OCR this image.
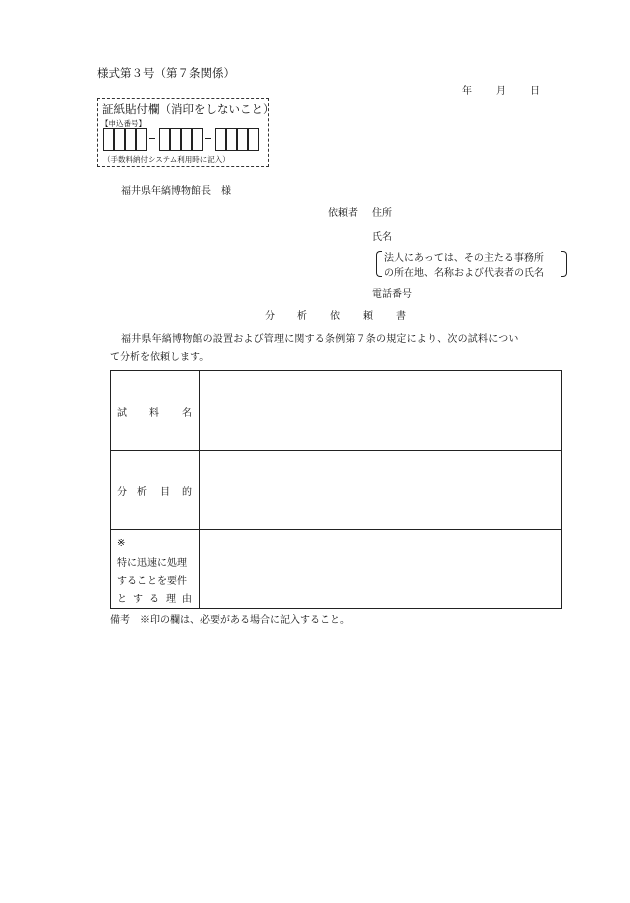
様式第３号（第７条関係）
年 月 日
証紙貼付欄（消印をしないこと）
【申込番号】
（手数料納付システム利用時に記入）
福井県年縞博物館長　様
依頼者 住所
氏名
法人にあっては、その主たる事務所
の所在地、名称および代表者の氏名
電話番号
分 析 依 頼 書
福井県年縞博物館の設置および管理に関する条例第７条の規定により、次の試料につい
て分析を依頼します。
試 料 名
分 析 目 的
※
特に迅速に処理
することを要件
と す る 理 由
備考　※印の欄は、必要がある場合に記入すること。
